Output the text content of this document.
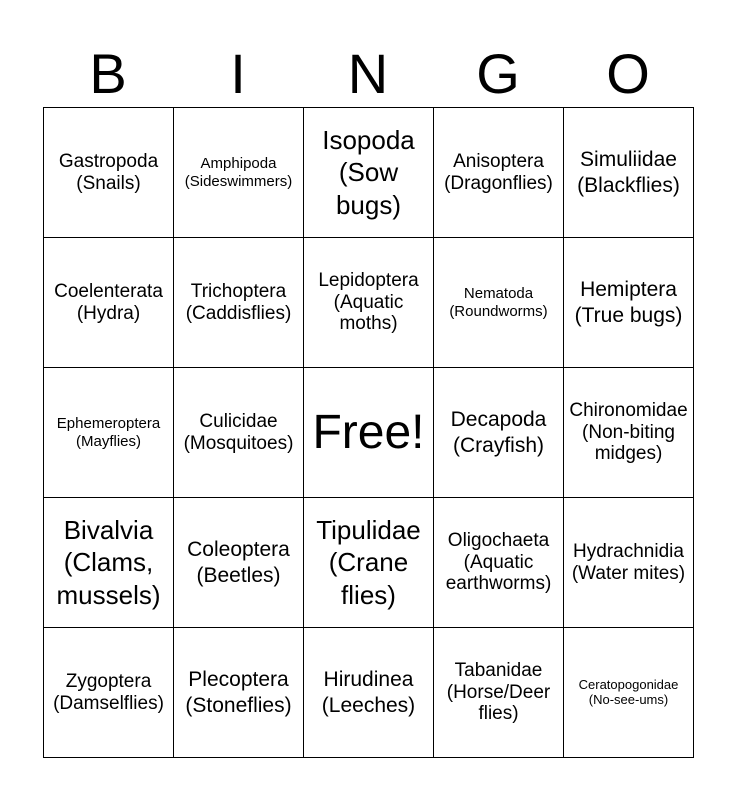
B	I	N	G	O
Gastropoda
(Snails)	Amphipoda
(Sideswimmers)	Isopoda
(Sow bugs)	Anisoptera
(Dragonflies)	Simuliidae
(Blackflies)
Coelenterata
(Hydra)	Trichoptera
(Caddisflies)	Lepidoptera
(Aquatic moths)	Nematoda
(Roundworms)	Hemiptera
(True bugs)
Ephemeroptera
(Mayflies)	Culicidae
(Mosquitoes)	Free!	Decapoda
(Crayfish)	Chironomidae
(Non-biting midges)
Bivalvia
(Clams, mussels)	Coleoptera
(Beetles)	Tipulidae
(Crane flies)	Oligochaeta
(Aquatic earthworms)	Hydrachnidia
(Water mites)
Zygoptera
(Damselflies)	Plecoptera
(Stoneflies)	Hirudinea
(Leeches)	Tabanidae
(Horse/Deer flies)	Ceratopogonidae
(No-see-ums)
